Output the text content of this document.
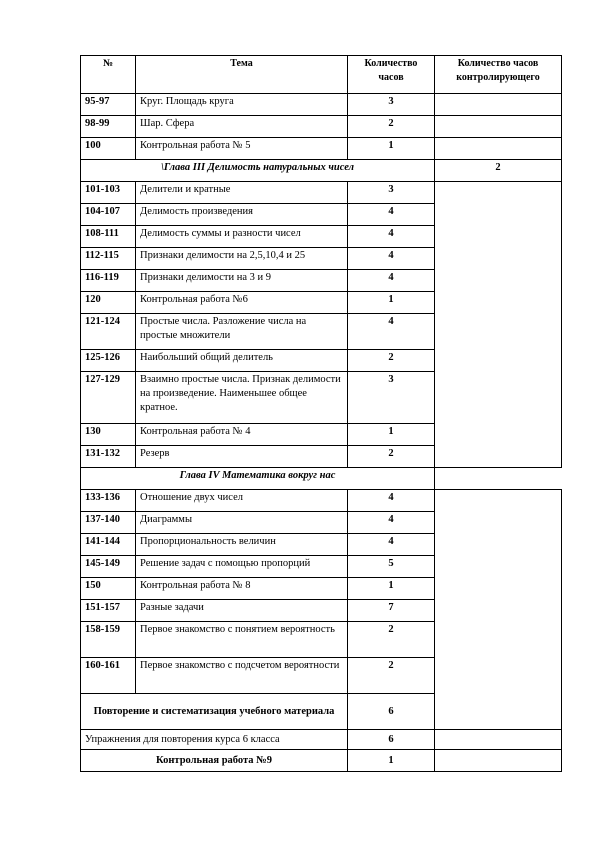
№	Тема	Количество часов	Количество часов контролирующего
95-97	Круг. Площадь круга	3	
98-99	Шар. Сфера	2	
100	Контрольная работа № 5	1	
\Глава III Делимость натуральных чисел			2
101-103	Делители и кратные	3	
104-107	Делимость произведения	4	
108-111	Делимость суммы и разности чисел	4	
112-115	Признаки делимости на 2,5,10,4 и 25	4	
116-119	Признаки делимости на 3 и 9	4	
120	Контрольная работа №6	1	
121-124	Простые числа. Разложение числа на простые множители	4	
125-126	Наибольший общий делитель	2	
127-129	Взаимно простые числа. Признак делимости на произведение. Наименьшее общее кратное.	3	
130	Контрольная работа № 4	1	
131-132	Резерв	2	
Глава IV Математика вокруг нас			
133-136	Отношение двух чисел	4	
137-140	Диаграммы	4	
141-144	Пропорциональность величин	4	
145-149	Решение задач с помощью пропорций	5	
150	Контрольная работа № 8	1	
151-157	Разные задачи	7	
158-159	Первое знакомство с понятием вероятность	2	
160-161	Первое знакомство с подсчетом вероятности	2	
Повторение и систематизация учебного материала		6	
Упражнения для повторения курса 6 класса		6	
Контрольная работа №9		1	
